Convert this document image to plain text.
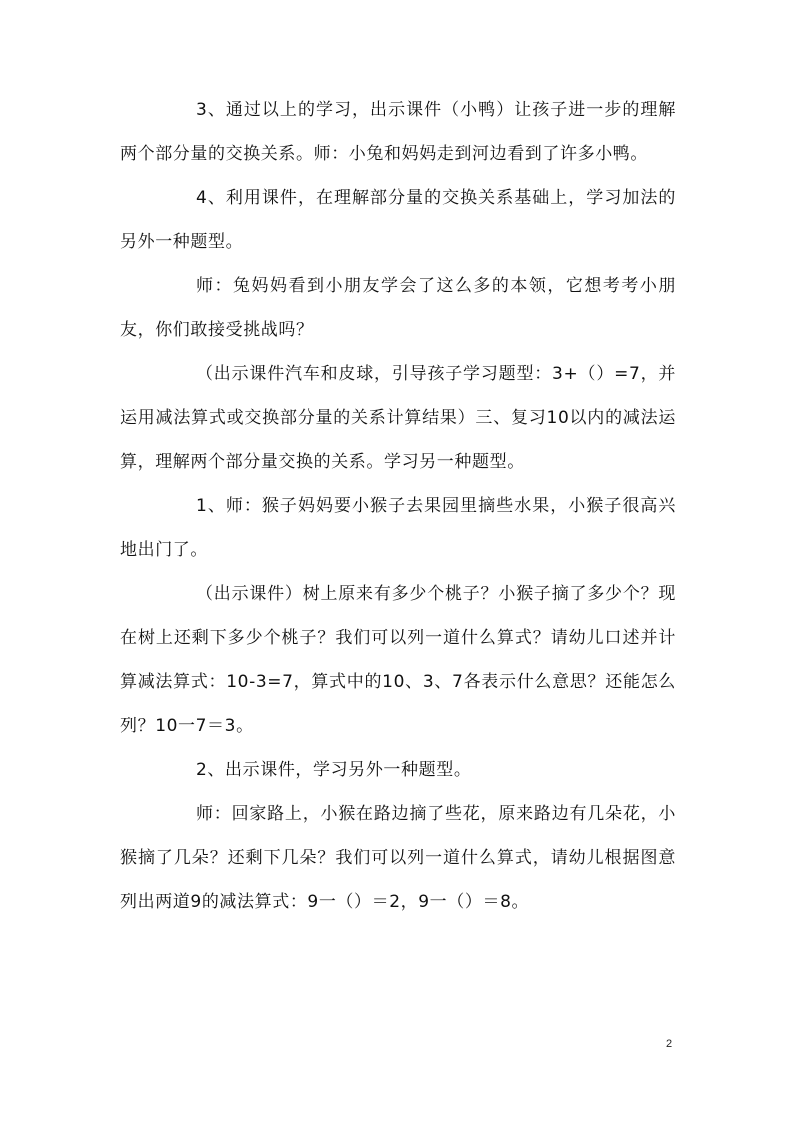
3、通过以上的学习，出示课件（小鸭）让孩子进一步的理解两个部分量的交换关系。师：小兔和妈妈走到河边看到了许多小鸭。

4、利用课件，在理解部分量的交换关系基础上，学习加法的另外一种题型。

师：兔妈妈看到小朋友学会了这么多的本领，它想考考小朋友，你们敢接受挑战吗？

（出示课件汽车和皮球，引导孩子学习题型：3+（）=7，并运用减法算式或交换部分量的关系计算结果）三、复习10以内的减法运算，理解两个部分量交换的关系。学习另一种题型。

1、师：猴子妈妈要小猴子去果园里摘些水果，小猴子很高兴地出门了。

（出示课件）树上原来有多少个桃子？小猴子摘了多少个？现在树上还剩下多少个桃子？我们可以列一道什么算式？请幼儿口述并计算减法算式：10-3=7，算式中的10、3、7各表示什么意思？还能怎么列？10一7＝3。

2、出示课件，学习另外一种题型。

师：回家路上，小猴在路边摘了些花，原来路边有几朵花，小猴摘了几朵？还剩下几朵？我们可以列一道什么算式，请幼儿根据图意列出两道9的减法算式：9一（）＝2，9一（）＝8。

2
